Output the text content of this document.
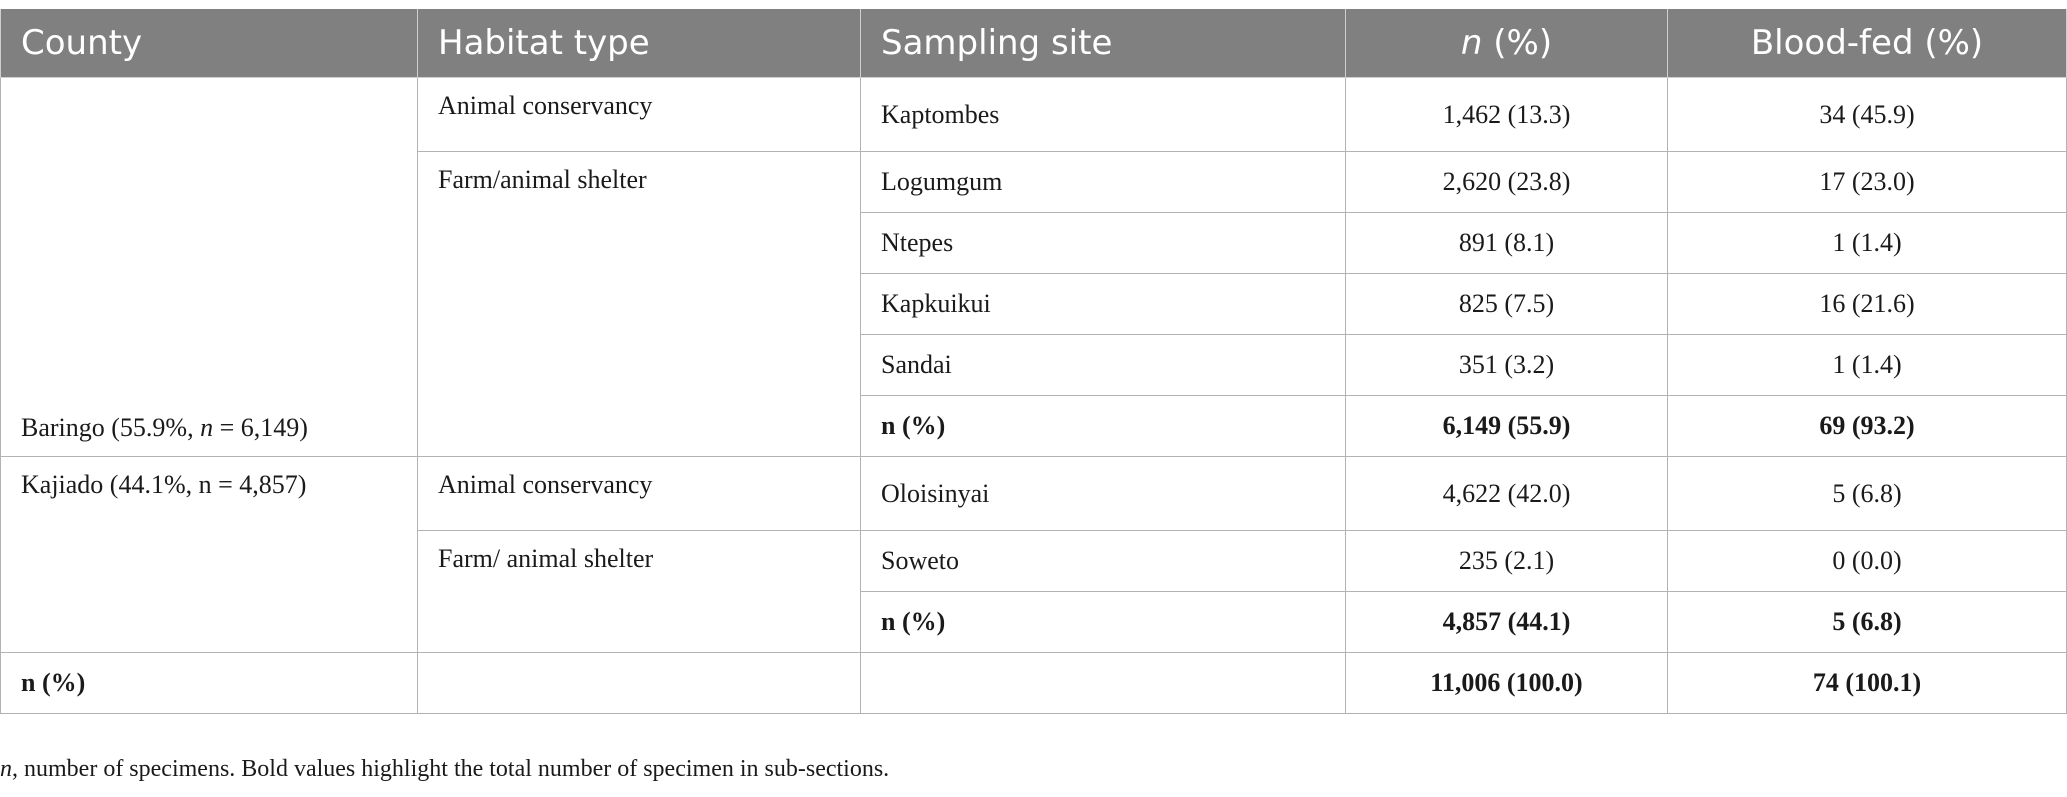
County	Habitat type	Sampling site	n (%)	Blood-fed (%)
Baringo (55.9%, n = 6,149)	Animal conservancy	Kaptombes	1,462 (13.3)	34 (45.9)
	Farm/animal shelter	Logumgum	2,620 (23.8)	17 (23.0)
		Ntepes	891 (8.1)	1 (1.4)
		Kapkuikui	825 (7.5)	16 (21.6)
		Sandai	351 (3.2)	1 (1.4)
		n (%)	6,149 (55.9)	69 (93.2)
Kajiado (44.1%, n = 4,857)	Animal conservancy	Oloisinyai	4,622 (42.0)	5 (6.8)
	Farm/ animal shelter	Soweto	235 (2.1)	0 (0.0)
		n (%)	4,857 (44.1)	5 (6.8)
n (%)			11,006 (100.0)	74 (100.1)
n, number of specimens. Bold values highlight the total number of specimen in sub-sections.
